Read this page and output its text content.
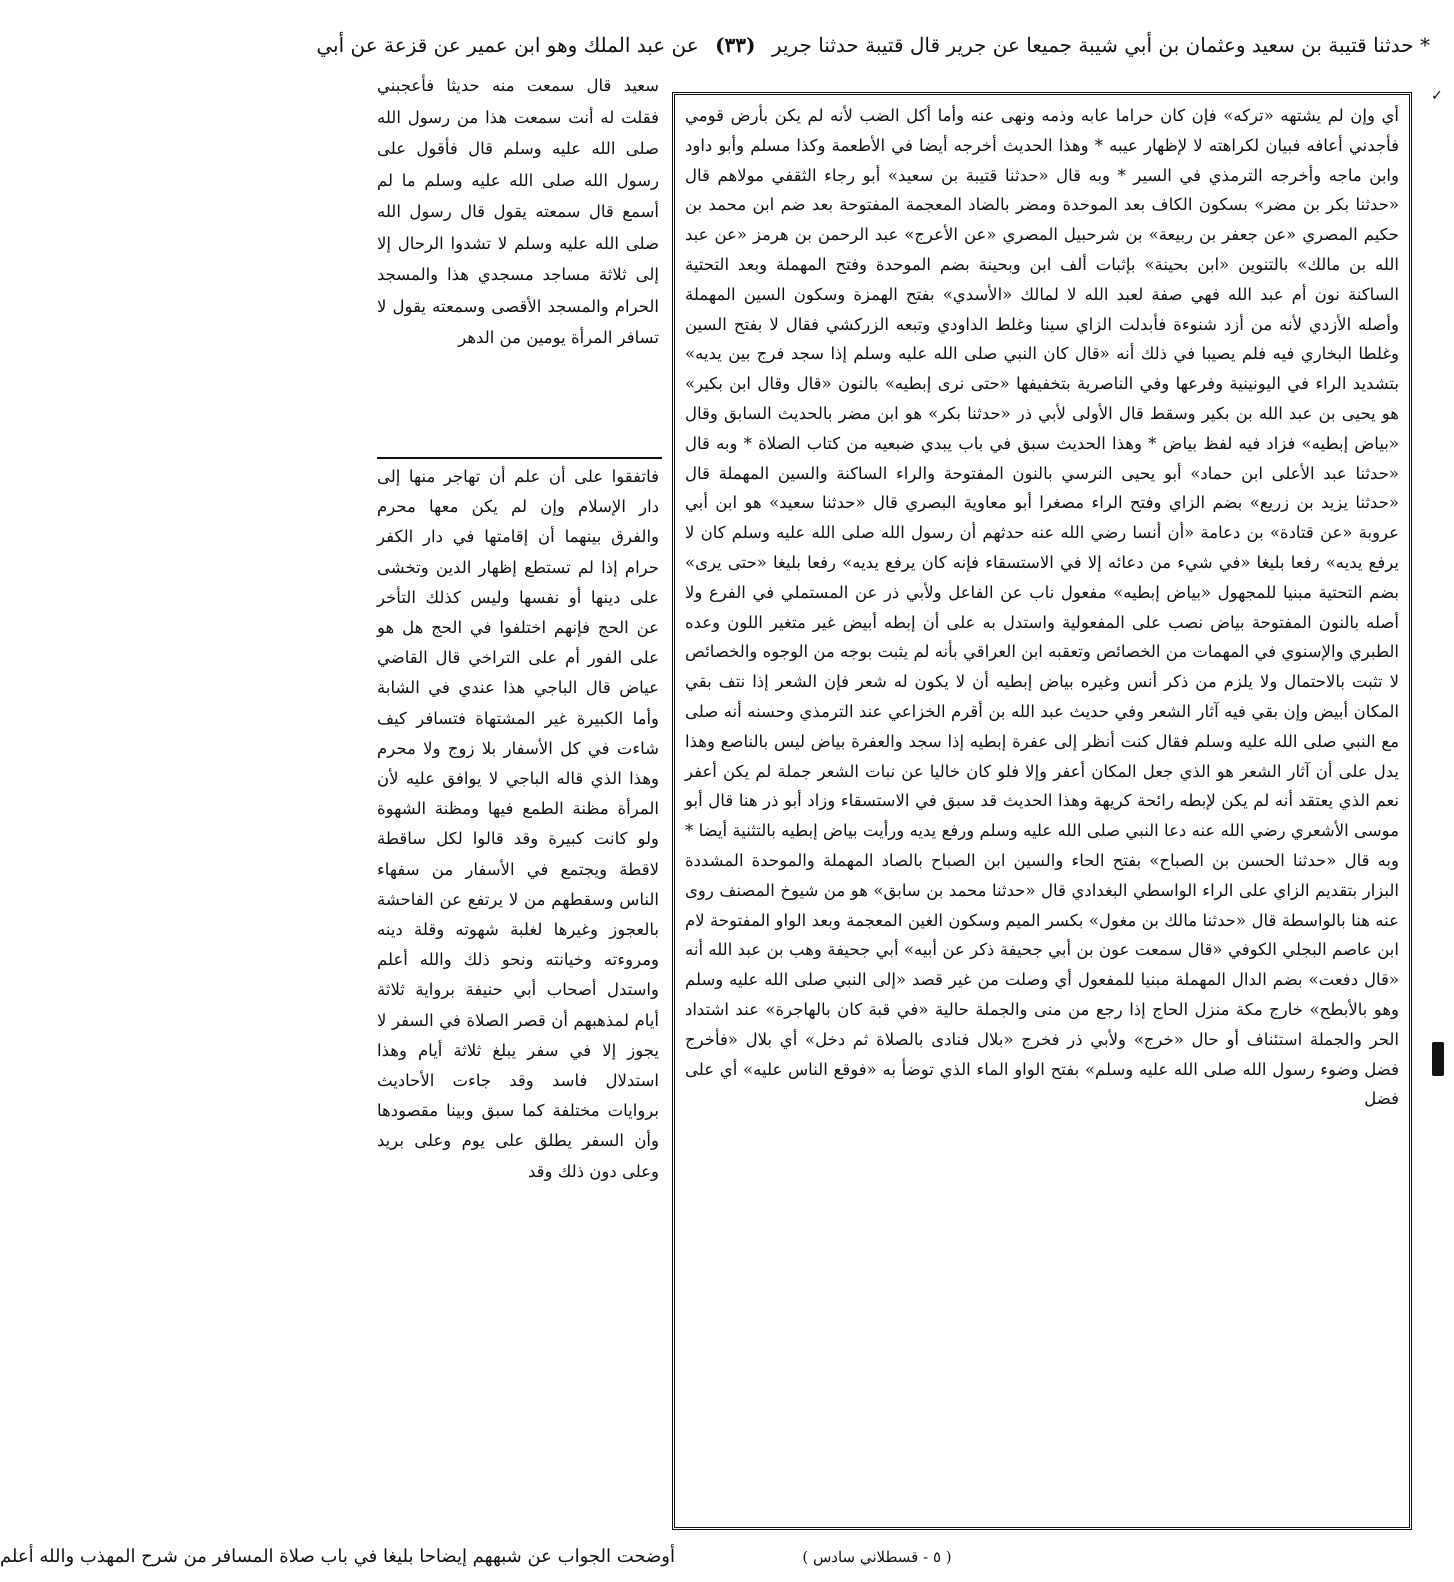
* حدثنا قتيبة بن سعيد وعثمان بن أبي شيبة جميعا عن جرير قال قتيبة حدثنا جرير (٣٣) عن عبد الملك وهو ابن عمير عن قزعة عن أبي
✓
أي وإن لم يشتهه «تركه» فإن كان حراما عابه وذمه ونهى عنه وأما أكل الضب لأنه لم يكن بأرض قومي فأجدني أعافه فبيان لكراهته لا لإظهار عيبه * وهذا الحديث أخرجه أيضا في الأطعمة وكذا مسلم وأبو داود وابن ماجه وأخرجه الترمذي في السير * وبه قال «حدثنا قتيبة بن سعيد» أبو رجاء الثقفي مولاهم قال «حدثنا بكر بن مضر» بسكون الكاف بعد الموحدة ومضر بالضاد المعجمة المفتوحة بعد ضم ابن محمد بن حكيم المصري «عن جعفر بن ربيعة» بن شرحبيل المصري «عن الأعرج» عبد الرحمن بن هرمز «عن عبد الله بن مالك» بالتنوين «ابن بحينة» بإثبات ألف ابن وبحينة بضم الموحدة وفتح المهملة وبعد التحتية الساكنة نون أم عبد الله فهي صفة لعبد الله لا لمالك «الأسدي» بفتح الهمزة وسكون السين المهملة وأصله الأزدي لأنه من أزد شنوءة فأبدلت الزاي سينا وغلط الداودي وتبعه الزركشي فقال لا بفتح السين وغلطا البخاري فيه فلم يصيبا في ذلك أنه «قال كان النبي صلى الله عليه وسلم إذا سجد فرج بين يديه» بتشديد الراء في اليونينية وفرعها وفي الناصرية بتخفيفها «حتى نرى إبطيه» بالنون «قال وقال ابن بكير» هو يحيى بن عبد الله بن بكير وسقط قال الأولى لأبي ذر «حدثنا بكر» هو ابن مضر بالحديث السابق وقال «بياض إبطيه» فزاد فيه لفظ بياض * وهذا الحديث سبق في باب يبدي ضبعيه من كتاب الصلاة * وبه قال «حدثنا عبد الأعلى ابن حماد» أبو يحيى النرسي بالنون المفتوحة والراء الساكنة والسين المهملة قال «حدثنا يزيد بن زريع» بضم الزاي وفتح الراء مصغرا أبو معاوية البصري قال «حدثنا سعيد» هو ابن أبي عروبة «عن قتادة» بن دعامة «أن أنسا رضي الله عنه حدثهم أن رسول الله صلى الله عليه وسلم كان لا يرفع يديه» رفعا بليغا «في شيء من دعائه إلا في الاستسقاء فإنه كان يرفع يديه» رفعا بليغا «حتى يرى» بضم التحتية مبنيا للمجهول «بياض إبطيه» مفعول ناب عن الفاعل ولأبي ذر عن المستملي في الفرع ولا أصله بالنون المفتوحة بياض نصب على المفعولية واستدل به على أن إبطه أبيض غير متغير اللون وعده الطبري والإسنوي في المهمات من الخصائص وتعقبه ابن العراقي بأنه لم يثبت بوجه من الوجوه والخصائص لا تثبت بالاحتمال ولا يلزم من ذكر أنس وغيره بياض إبطيه أن لا يكون له شعر فإن الشعر إذا نتف بقي المكان أبيض وإن بقي فيه آثار الشعر وفي حديث عبد الله بن أقرم الخزاعي عند الترمذي وحسنه أنه صلى مع النبي صلى الله عليه وسلم فقال كنت أنظر إلى عفرة إبطيه إذا سجد والعفرة بياض ليس بالناصع وهذا يدل على أن آثار الشعر هو الذي جعل المكان أعفر وإلا فلو كان خاليا عن نبات الشعر جملة لم يكن أعفر نعم الذي يعتقد أنه لم يكن لإبطه رائحة كريهة وهذا الحديث قد سبق في الاستسقاء وزاد أبو ذر هنا قال أبو موسى الأشعري رضي الله عنه دعا النبي صلى الله عليه وسلم ورفع يديه ورأيت بياض إبطيه بالتثنية أيضا * وبه قال «حدثنا الحسن بن الصباح» بفتح الحاء والسين ابن الصباح بالصاد المهملة والموحدة المشددة البزار بتقديم الزاي على الراء الواسطي البغدادي قال «حدثنا محمد بن سابق» هو من شيوخ المصنف روى عنه هنا بالواسطة قال «حدثنا مالك بن مغول» بكسر الميم وسكون الغين المعجمة وبعد الواو المفتوحة لام ابن عاصم البجلي الكوفي «قال سمعت عون بن أبي جحيفة ذكر عن أبيه» أبي جحيفة وهب بن عبد الله أنه «قال دفعت» بضم الدال المهملة مبنيا للمفعول أي وصلت من غير قصد «إلى النبي صلى الله عليه وسلم وهو بالأبطح» خارج مكة منزل الحاج إذا رجع من منى والجملة حالية «في قبة كان بالهاجرة» عند اشتداد الحر والجملة استئناف أو حال «خرج» ولأبي ذر فخرج «بلال فنادى بالصلاة ثم دخل» أي بلال «فأخرج فضل وضوء رسول الله صلى الله عليه وسلم» بفتح الواو الماء الذي توضأ به «فوقع الناس عليه» أي على فضل
سعيد قال سمعت منه حديثا فأعجبني فقلت له أنت سمعت هذا من رسول الله صلى الله عليه وسلم قال فأقول على رسول الله صلى الله عليه وسلم ما لم أسمع قال سمعته يقول قال رسول الله صلى الله عليه وسلم لا تشدوا الرحال إلا إلى ثلاثة مساجد مسجدي هذا والمسجد الحرام والمسجد الأقصى وسمعته يقول لا تسافر المرأة يومين من الدهر
فاتفقوا على أن علم أن تهاجر منها إلى دار الإسلام وإن لم يكن معها محرم والفرق بينهما أن إقامتها في دار الكفر حرام إذا لم تستطع إظهار الدين وتخشى على دينها أو نفسها وليس كذلك التأخر عن الحج فإنهم اختلفوا في الحج هل هو على الفور أم على التراخي قال القاضي عياض قال الباجي هذا عندي في الشابة وأما الكبيرة غير المشتهاة فتسافر كيف شاءت في كل الأسفار بلا زوج ولا محرم وهذا الذي قاله الباجي لا يوافق عليه لأن المرأة مظنة الطمع فيها ومظنة الشهوة ولو كانت كبيرة وقد قالوا لكل ساقطة لاقطة ويجتمع في الأسفار من سفهاء الناس وسقطهم من لا يرتفع عن الفاحشة بالعجوز وغيرها لغلبة شهوته وقلة دينه ومروءته وخيانته ونحو ذلك والله أعلم واستدل أصحاب أبي حنيفة برواية ثلاثة أيام لمذهبهم أن قصر الصلاة في السفر لا يجوز إلا في سفر يبلغ ثلاثة أيام وهذا استدلال فاسد وقد جاءت الأحاديث بروايات مختلفة كما سبق وبينا مقصودها وأن السفر يطلق على يوم وعلى بريد وعلى دون ذلك وقد
( ٥ - قسطلاني سادس )
أوضحت الجواب عن شبههم إيضاحا بليغا في باب صلاة المسافر من شرح المهذب والله أعلم
